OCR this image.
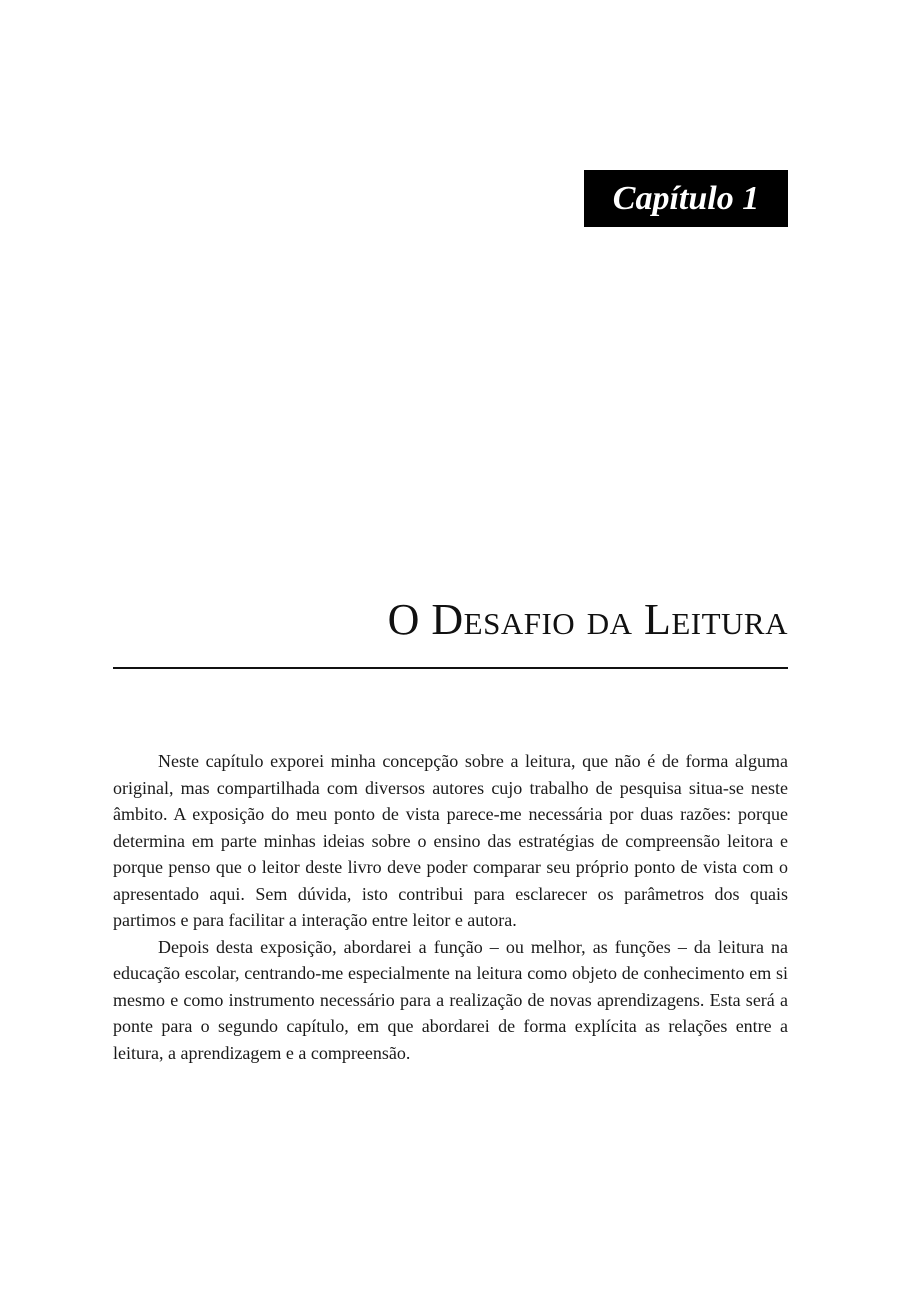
Capítulo 1
O Desafio da Leitura

Neste capítulo exporei minha concepção sobre a leitura, que não é de forma alguma original, mas compartilhada com diversos autores cujo trabalho de pesquisa situa-se neste âmbito. A exposição do meu ponto de vista parece-me necessária por duas razões: porque determina em parte minhas ideias sobre o ensino das estratégias de compreensão leitora e porque penso que o leitor deste livro deve poder comparar seu próprio ponto de vista com o apresentado aqui. Sem dúvida, isto contribui para esclarecer os parâmetros dos quais partimos e para facilitar a interação entre leitor e autora.

Depois desta exposição, abordarei a função – ou melhor, as funções – da leitura na educação escolar, centrando-me especialmente na leitura como objeto de conhecimento em si mesmo e como instrumento necessário para a realização de novas aprendizagens. Esta será a ponte para o segundo capítulo, em que abordarei de forma explícita as relações entre a leitura, a aprendizagem e a compreensão.
